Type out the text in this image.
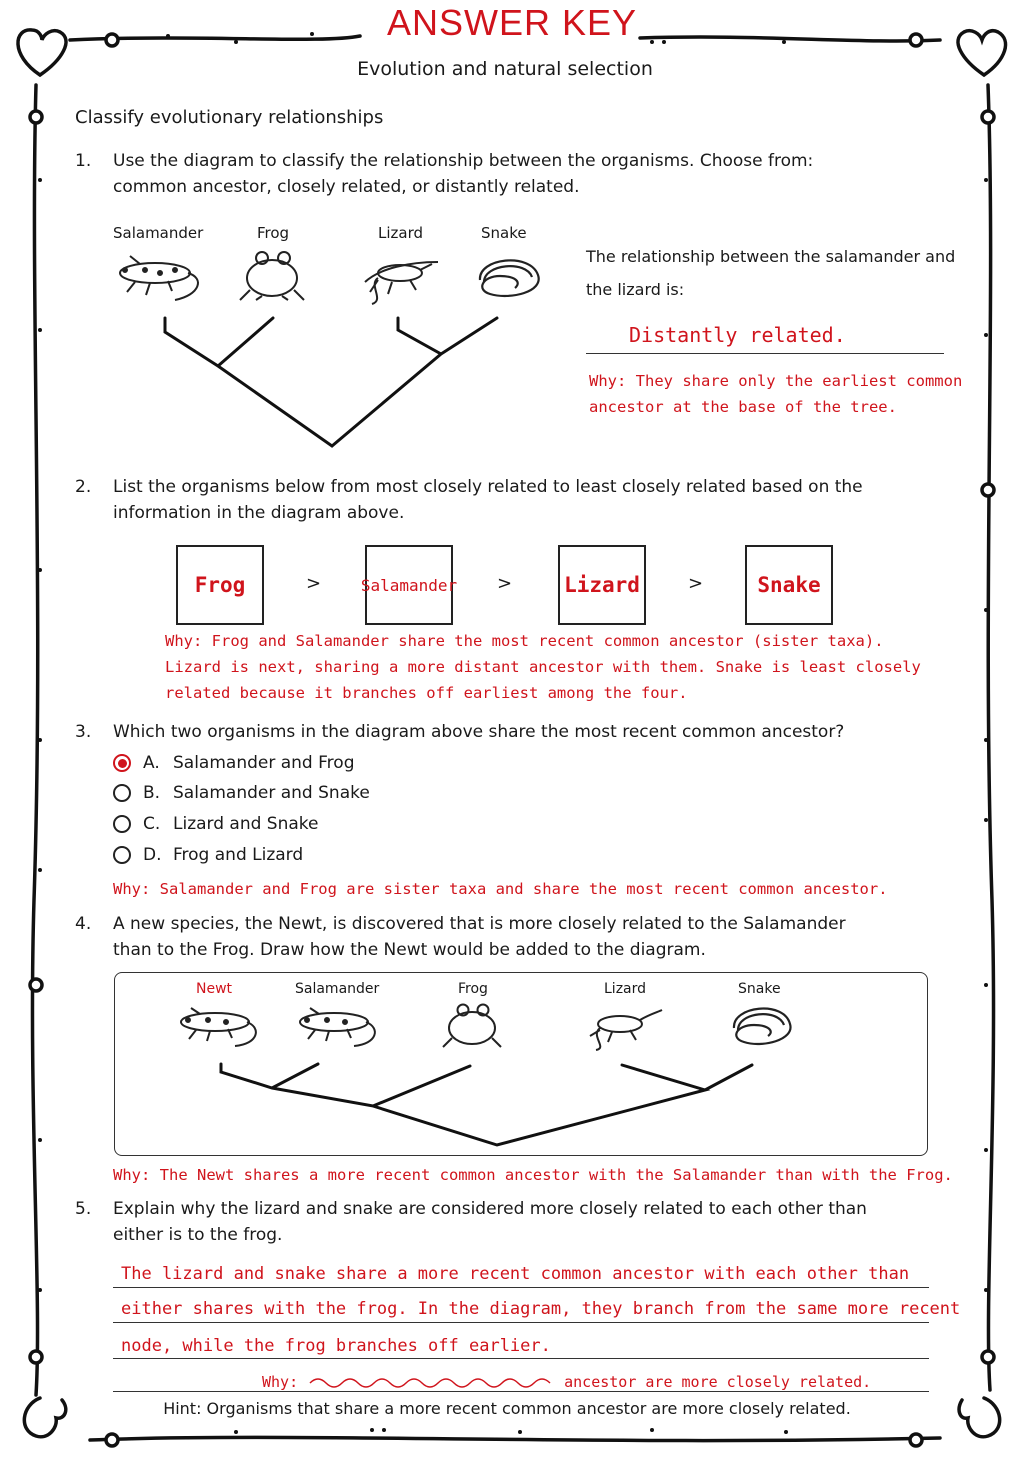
ANSWER KEY
Evolution and natural selection
Classify evolutionary relationships
1. Use the diagram to classify the relationship between the organisms. Choose from:
common ancestor, closely related, or distantly related.
Salamander	Frog	Lizard	Snake
The relationship between the salamander and
the lizard is:
Distantly related.
Why: They share only the earliest common
ancestor at the base of the tree.
2. List the organisms below from most closely related to least closely related based on the
information in the diagram above.
Frog	> Salamander > Lizard	>	Snake
Why: Frog and Salamander share the most recent common ancestor (sister taxa).
Lizard is next, sharing a more distant ancestor with them. Snake is least closely
related because it branches off earliest among the four.
3. Which two organisms in the diagram above share the most recent common ancestor?
A. Salamander and Frog
B. Salamander and Snake
C. Lizard and Snake
D. Frog and Lizard
Why: Salamander and Frog are sister taxa and share the most recent common ancestor.
4. A new species, the Newt, is discovered that is more closely related to the Salamander
than to the Frog. Draw how the Newt would be added to the diagram.
Newt	Salamander	Frog	Lizard	Snake
Why: The Newt shares a more recent common ancestor with the Salamander than with the Frog.
5. Explain why the lizard and snake are considered more closely related to each other than
either is to the frog.
The lizard and snake share a more recent common ancestor with each other than
either shares with the frog. In the diagram, they branch from the same more recent
node, while the frog branches off earlier.
Why:	ancestor are more closely related.
Hint: Organisms that share a more recent common ancestor are more closely related.
